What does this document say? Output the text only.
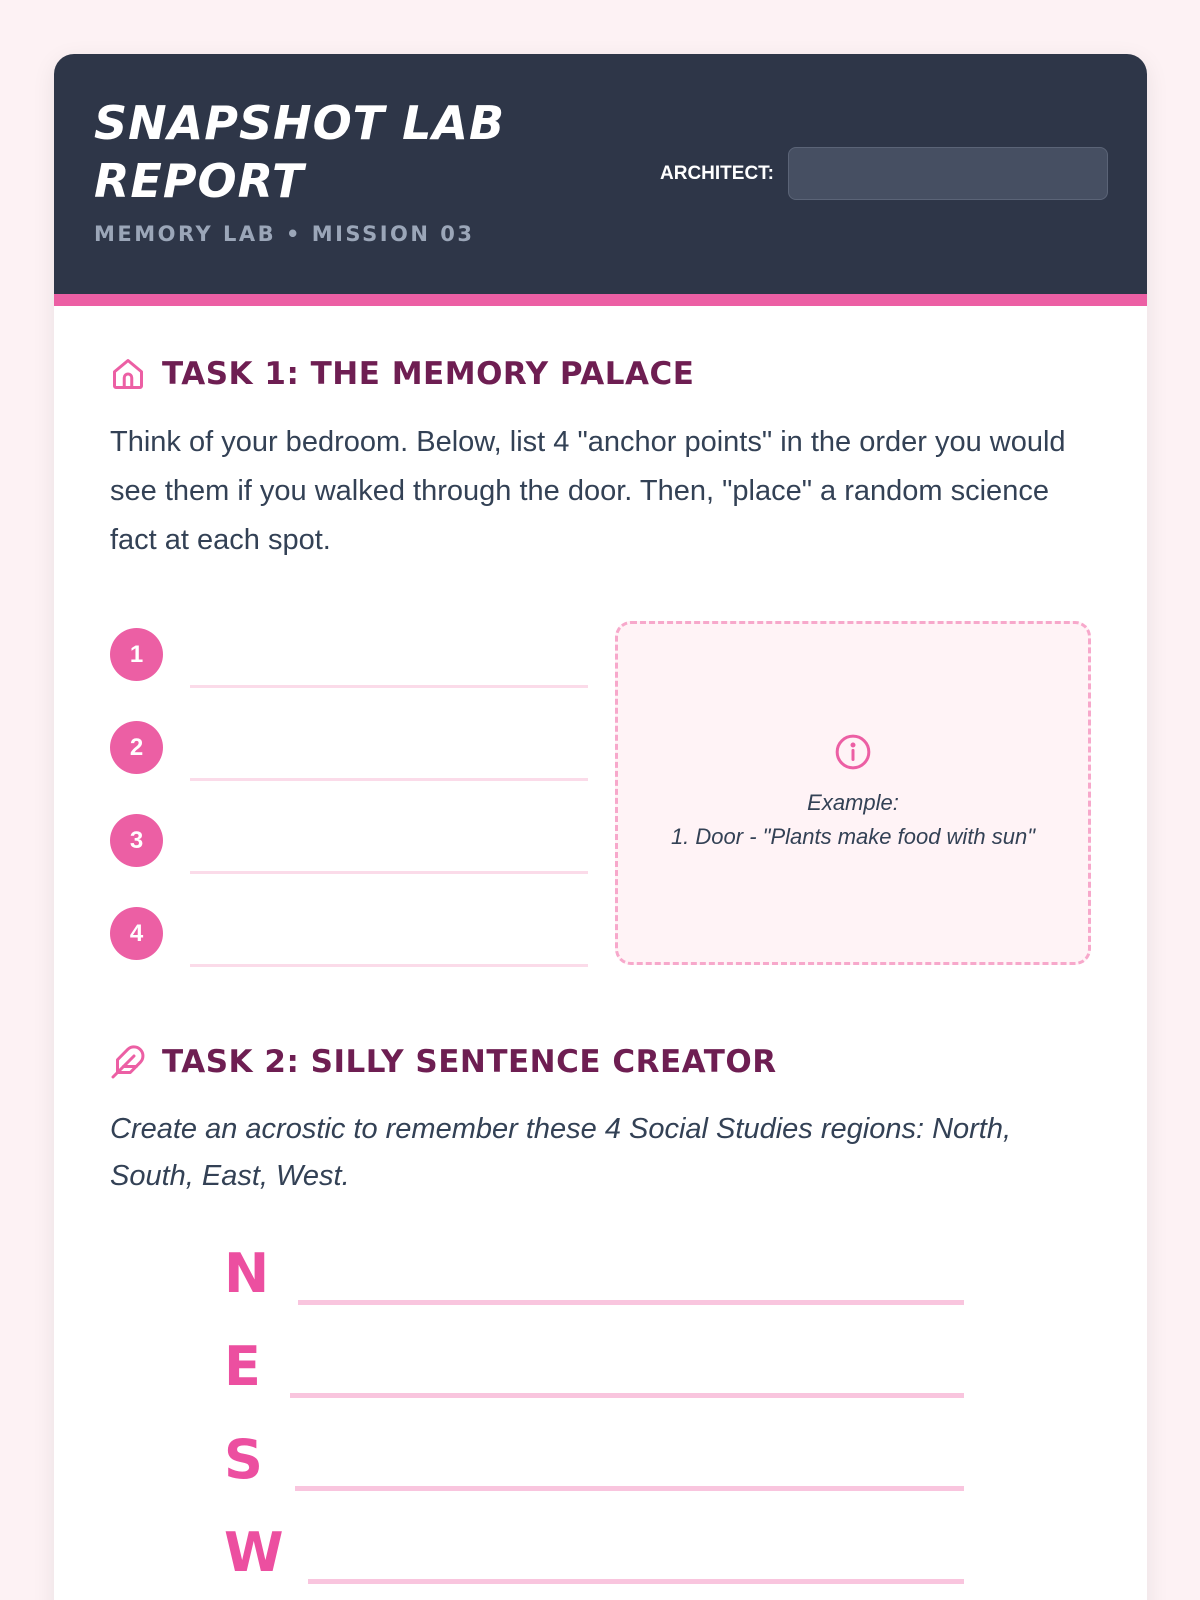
SNAPSHOT LAB REPORT
MEMORY LAB • MISSION 03
ARCHITECT:
TASK 1: THE MEMORY PALACE

Think of your bedroom. Below, list 4 "anchor points" in the order you would see them if you walked through the door. Then, "place" a random science fact at each spot.

1
2
3
4
Example:
1. Door - "Plants make food with sun"
TASK 2: SILLY SENTENCE CREATOR

Create an acrostic to remember these 4 Social Studies regions: North, South, East, West.

N
E
S
W
